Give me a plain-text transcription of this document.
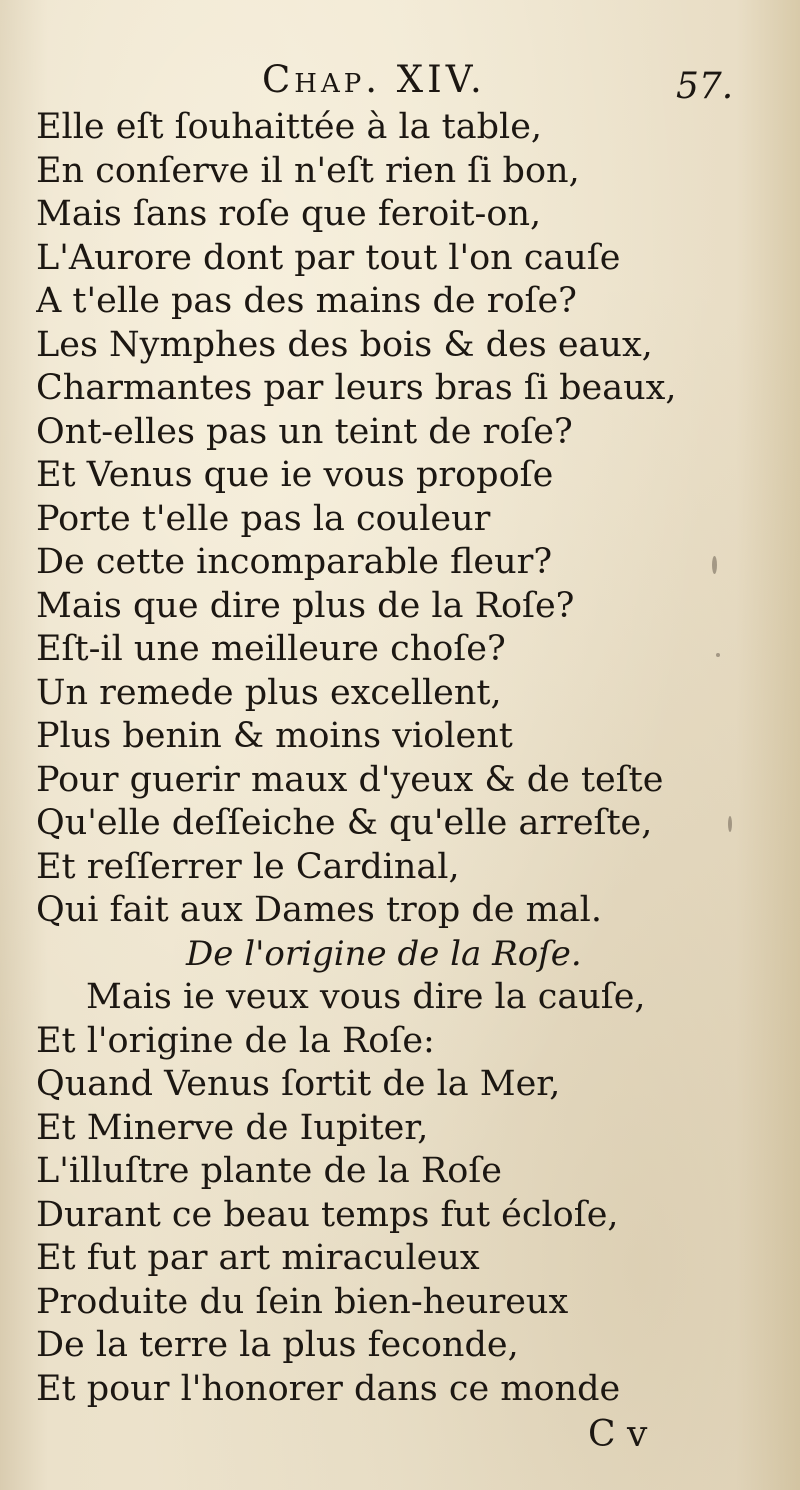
Chap. XIV.	57.
Elle eſt ſouhaittée à la table,
En conſerve il n'eſt rien ſi bon,
Mais ſans roſe que feroit-on,
L'Aurore dont par tout l'on cauſe
A t'elle pas des mains de roſe?
Les Nymphes des bois & des eaux,
Charmantes par leurs bras ſi beaux,
Ont-elles pas un teint de roſe?
Et Venus que ie vous propoſe
Porte t'elle pas la couleur
De cette incomparable fleur?
Mais que dire plus de la Roſe?
Eſt-il une meilleure choſe?
Un remede plus excellent,
Plus benin & moins violent
Pour guerir maux d'yeux & de teſte
Qu'elle deſſeiche & qu'elle arreſte,
Et reſſerrer le Cardinal,
Qui fait aux Dames trop de mal.
De l'origine de la Roſe.
Mais ie veux vous dire la cauſe,
Et l'origine de la Roſe:
Quand Venus ſortit de la Mer,
Et Minerve de Iupiter,
L'illuſtre plante de la Roſe
Durant ce beau temps fut écloſe,
Et fut par art miraculeux
Produite du ſein bien-heureux
De la terre la plus feconde,
Et pour l'honorer dans ce monde
C v
